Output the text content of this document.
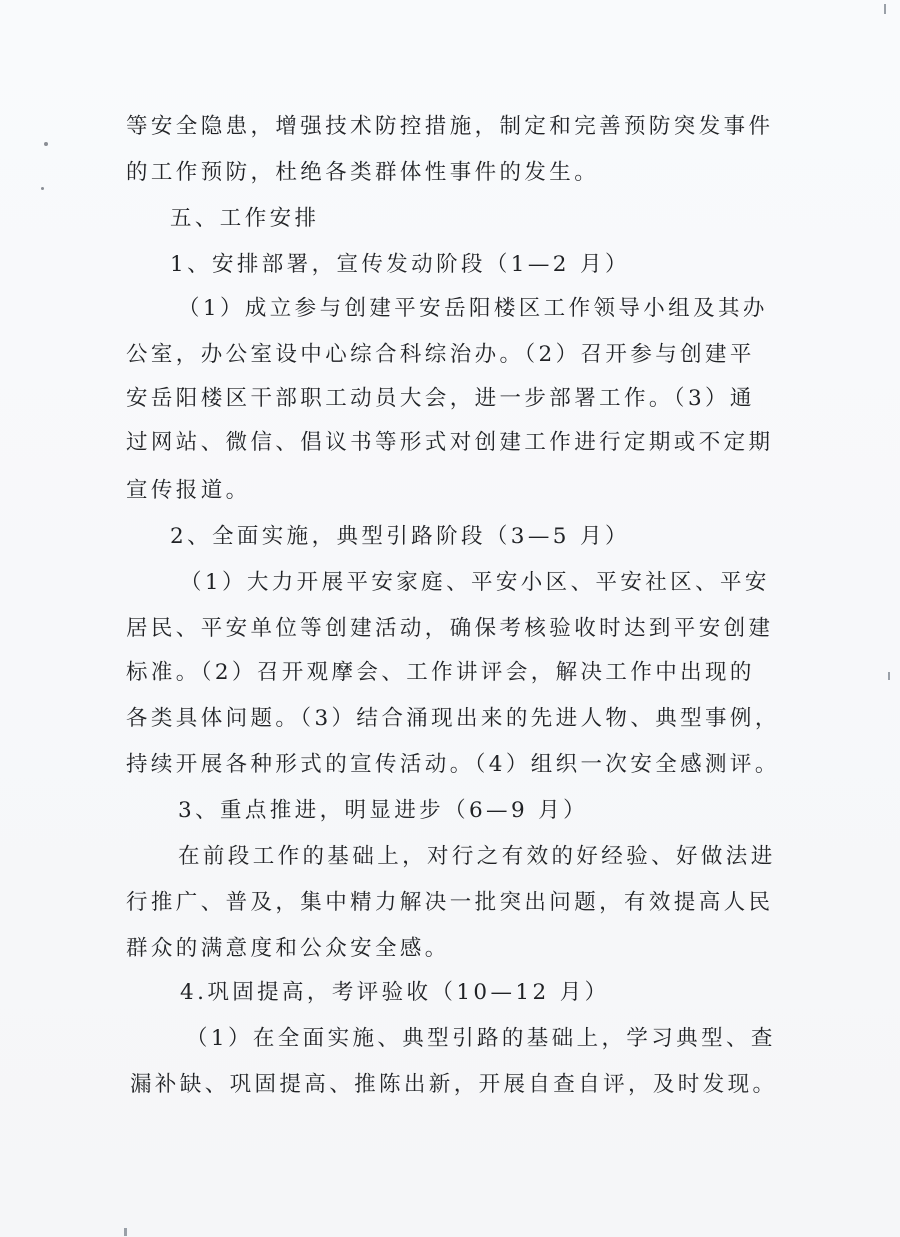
等安全隐患，增强技术防控措施，制定和完善预防突发事件
的工作预防，杜绝各类群体性事件的发生。
五、工作安排
1、安排部署，宣传发动阶段（1—2 月）
（1）成立参与创建平安岳阳楼区工作领导小组及其办
公室，办公室设中心综合科综治办。（2）召开参与创建平
安岳阳楼区干部职工动员大会，进一步部署工作。（3）通
过网站、微信、倡议书等形式对创建工作进行定期或不定期
宣传报道。
2、全面实施，典型引路阶段（3—5 月）
（1）大力开展平安家庭、平安小区、平安社区、平安
居民、平安单位等创建活动，确保考核验收时达到平安创建
标准。（2）召开观摩会、工作讲评会，解决工作中出现的
各类具体问题。（3）结合涌现出来的先进人物、典型事例，
持续开展各种形式的宣传活动。（4）组织一次安全感测评。
3、重点推进，明显进步（6—9 月）
在前段工作的基础上，对行之有效的好经验、好做法进
行推广、普及，集中精力解决一批突出问题，有效提高人民
群众的满意度和公众安全感。
4.巩固提高，考评验收（10—12 月）
（1）在全面实施、典型引路的基础上，学习典型、查
漏补缺、巩固提高、推陈出新，开展自查自评，及时发现。
